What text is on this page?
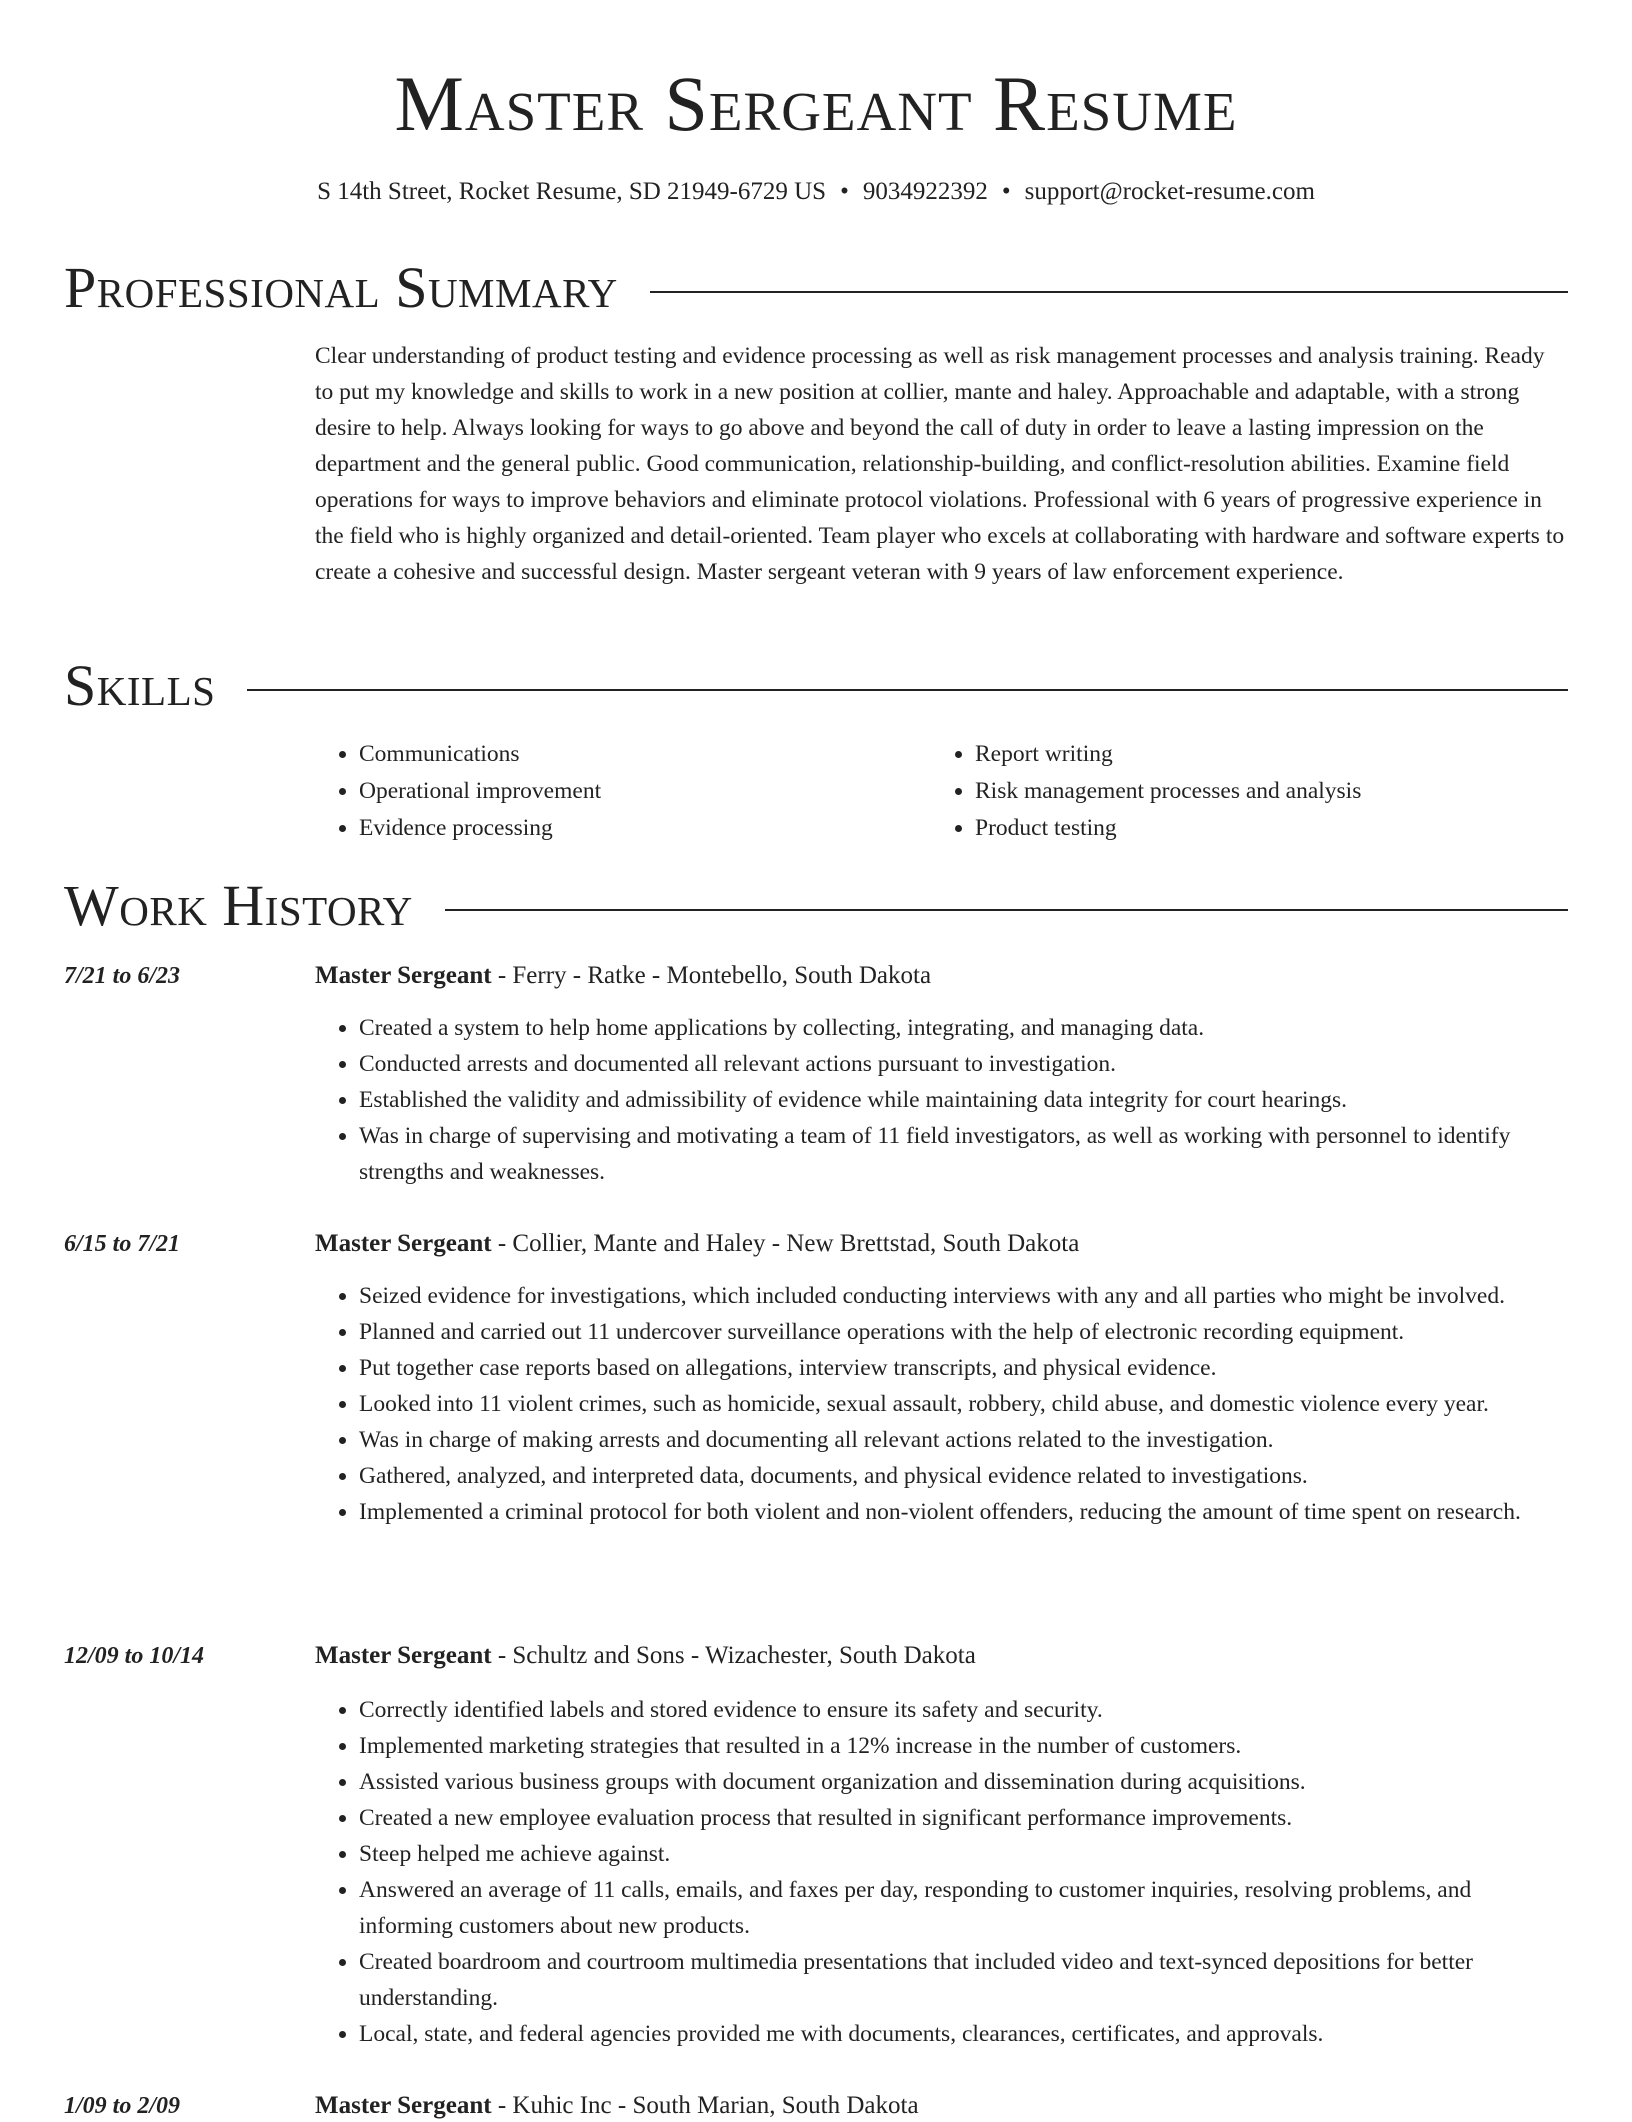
Master Sergeant Resume
S 14th Street, Rocket Resume, SD 21949-6729 US • 9034922392 • support@rocket-resume.com
Professional Summary

Clear understanding of product testing and evidence processing as well as risk management processes and analysis training. Ready to put my knowledge and skills to work in a new position at collier, mante and haley. Approachable and adaptable, with a strong desire to help. Always looking for ways to go above and beyond the call of duty in order to leave a lasting impression on the department and the general public. Good communication, relationship-building, and conflict-resolution abilities. Examine field operations for ways to improve behaviors and eliminate protocol violations. Professional with 6 years of progressive experience in the field who is highly organized and detail-oriented. Team player who excels at collaborating with hardware and software experts to create a cohesive and successful design. Master sergeant veteran with 9 years of law enforcement experience.

Skills
• Communications
• Operational improvement
• Evidence processing
• Report writing
• Risk management processes and analysis
• Product testing
Work History
7/21 to 6/23	Master Sergeant - Ferry - Ratke - Montebello, South Dakota
• Created a system to help home applications by collecting, integrating, and managing data.
• Conducted arrests and documented all relevant actions pursuant to investigation.
• Established the validity and admissibility of evidence while maintaining data integrity for court hearings.
• Was in charge of supervising and motivating a team of 11 field investigators, as well as working with personnel to identify strengths and weaknesses.
6/15 to 7/21	Master Sergeant - Collier, Mante and Haley - New Brettstad, South Dakota
• Seized evidence for investigations, which included conducting interviews with any and all parties who might be involved.
• Planned and carried out 11 undercover surveillance operations with the help of electronic recording equipment.
• Put together case reports based on allegations, interview transcripts, and physical evidence.
• Looked into 11 violent crimes, such as homicide, sexual assault, robbery, child abuse, and domestic violence every year.
• Was in charge of making arrests and documenting all relevant actions related to the investigation.
• Gathered, analyzed, and interpreted data, documents, and physical evidence related to investigations.
• Implemented a criminal protocol for both violent and non-violent offenders, reducing the amount of time spent on research.
12/09 to 10/14	Master Sergeant - Schultz and Sons - Wizachester, South Dakota
• Correctly identified labels and stored evidence to ensure its safety and security.
• Implemented marketing strategies that resulted in a 12% increase in the number of customers.
• Assisted various business groups with document organization and dissemination during acquisitions.
• Created a new employee evaluation process that resulted in significant performance improvements.
• Steep helped me achieve against.
• Answered an average of 11 calls, emails, and faxes per day, responding to customer inquiries, resolving problems, and informing customers about new products.
• Created boardroom and courtroom multimedia presentations that included video and text-synced depositions for better understanding.
• Local, state, and federal agencies provided me with documents, clearances, certificates, and approvals.
1/09 to 2/09	Master Sergeant - Kuhic Inc - South Marian, South Dakota
